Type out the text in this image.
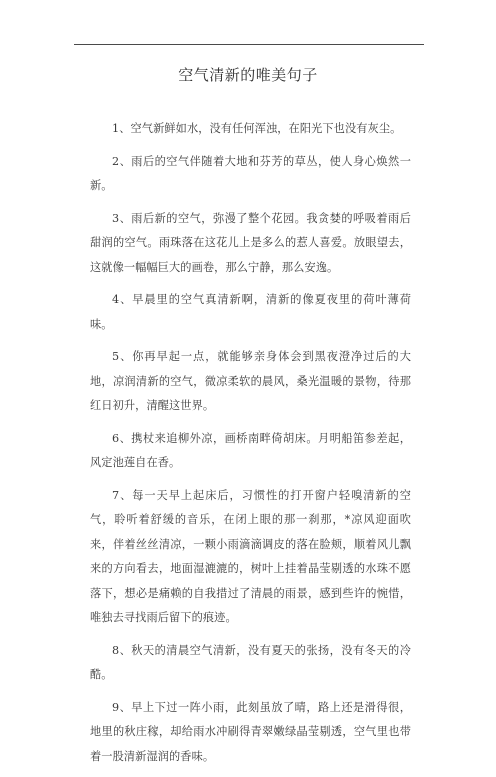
空气清新的唯美句子

1、空气新鲜如水，没有任何浑浊，在阳光下也没有灰尘。

2、雨后的空气伴随着大地和芬芳的草丛，使人身心焕然一新。

3、雨后新的空气，弥漫了整个花园。我贪婪的呼吸着雨后甜润的空气。雨珠落在这花儿上是多么的惹人喜爱。放眼望去，这就像一幅幅巨大的画卷，那么宁静，那么安逸。

4、早晨里的空气真清新啊，清新的像夏夜里的荷叶薄荷味。

5、你再早起一点，就能够亲身体会到黑夜澄净过后的大地，凉润清新的空气，微凉柔软的晨风，桑光温暖的景物，待那红日初升，清醒这世界。

6、携杖来追柳外凉，画桥南畔倚胡床。月明船笛参差起，风定池莲自在香。

7、每一天早上起床后，习惯性的打开窗户轻嗅清新的空气，聆听着舒缓的音乐，在闭上眼的那一刹那，*凉风迎面吹来，伴着丝丝清凉，一颗小雨滴滴调皮的落在脸颊，顺着风儿飘来的方向看去，地面湿漉漉的，树叶上挂着晶莹剔透的水珠不愿落下，想必是痛赖的自我措过了清晨的雨景，感到些许的惋惜，唯独去寻找雨后留下的痕迹。

8、秋天的清晨空气清新，没有夏天的张扬，没有冬天的冷酷。

9、早上下过一阵小雨，此刻虽放了晴，路上还是滑得很，地里的秋庄稼，却给雨水冲刷得青翠嫩绿晶莹剔透，空气里也带着一股清新湿润的香味。
